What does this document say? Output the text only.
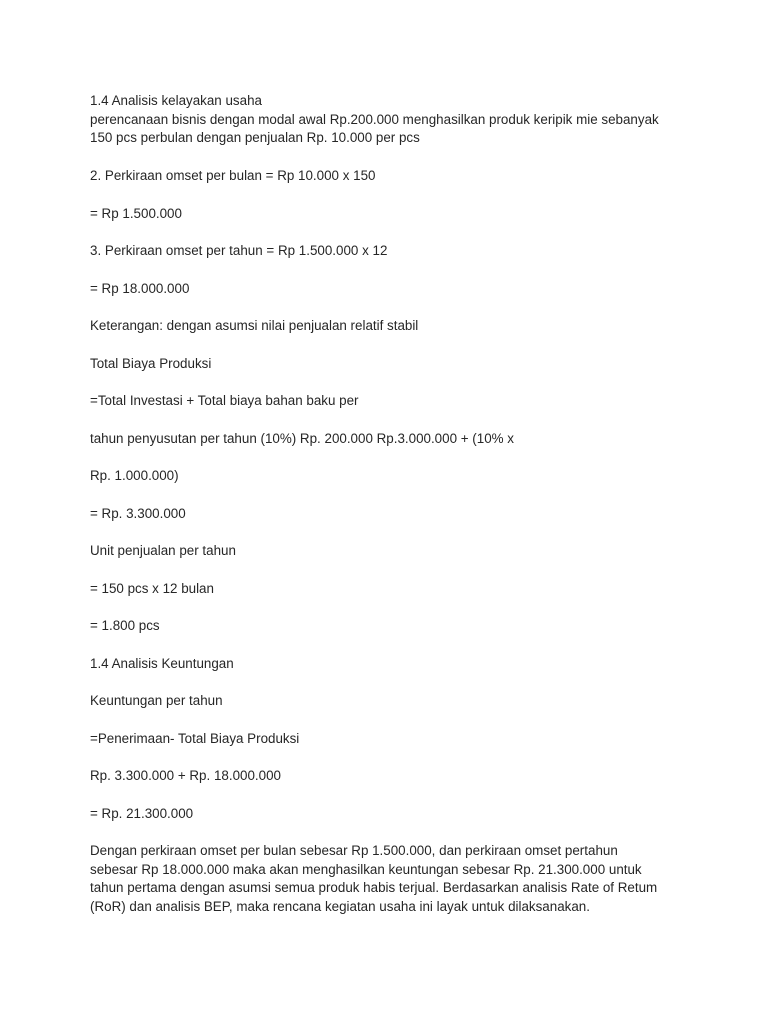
1.4 Analisis kelayakan usaha
perencanaan bisnis dengan modal awal Rp.200.000 menghasilkan produk keripik mie sebanyak
150 pcs perbulan dengan penjualan Rp. 10.000 per pcs
2. Perkiraan omset per bulan = Rp 10.000 x 150
= Rp 1.500.000
3. Perkiraan omset per tahun = Rp 1.500.000 x 12
= Rp 18.000.000
Keterangan: dengan asumsi nilai penjualan relatif stabil
Total Biaya Produksi
=Total Investasi + Total biaya bahan baku per
tahun penyusutan per tahun (10%) Rp. 200.000 Rp.3.000.000 + (10% x
Rp. 1.000.000)
= Rp. 3.300.000
Unit penjualan per tahun
= 150 pcs x 12 bulan
= 1.800 pcs
1.4 Analisis Keuntungan
Keuntungan per tahun
=Penerimaan- Total Biaya Produksi
Rp. 3.300.000 + Rp. 18.000.000
= Rp. 21.300.000
Dengan perkiraan omset per bulan sebesar Rp 1.500.000, dan perkiraan omset pertahun
sebesar Rp 18.000.000 maka akan menghasilkan keuntungan sebesar Rp. 21.300.000 untuk
tahun pertama dengan asumsi semua produk habis terjual. Berdasarkan analisis Rate of Retum
(RoR) dan analisis BEP, maka rencana kegiatan usaha ini layak untuk dilaksanakan.
